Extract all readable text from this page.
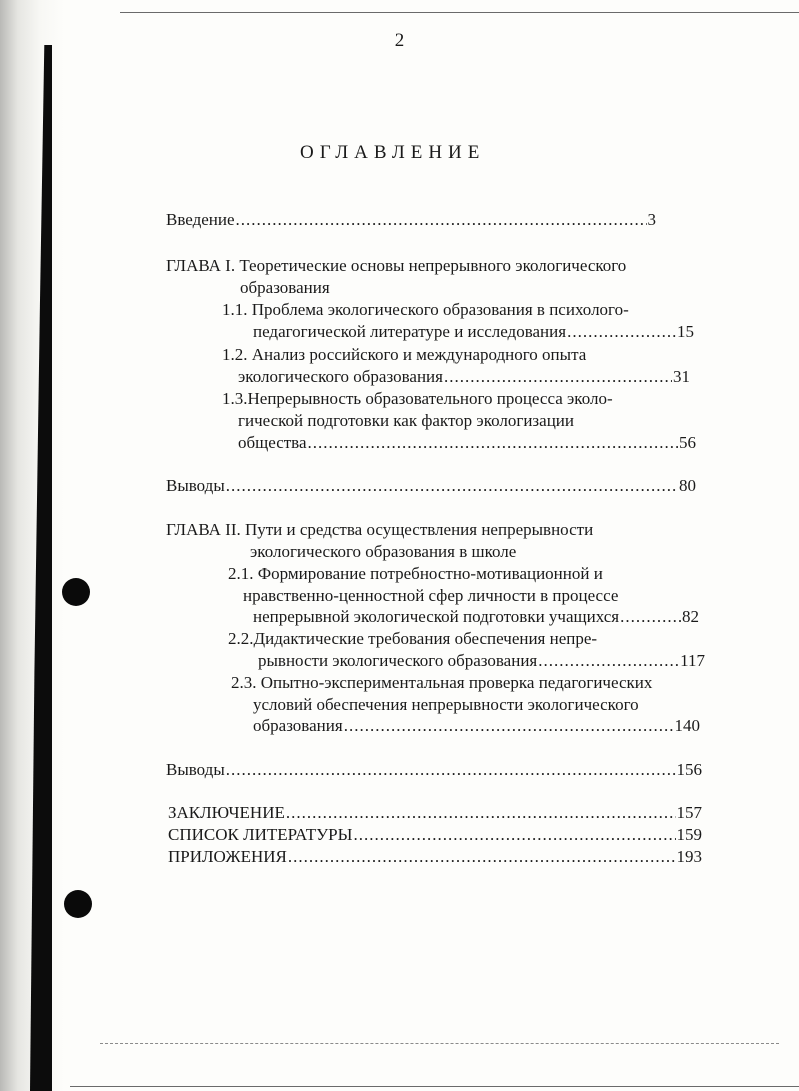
2
ОГЛАВЛЕНИЕ
Введение .....	3
ГЛАВА I. Теоретические основы непрерывного экологического
образования
1.1. Проблема экологического образования в психолого-
педагогической литературе и исследования .....	15
1.2. Анализ российского и международного опыта
экологического образования .....	31
1.3.Непрерывность образовательного процесса эколо-
гической подготовки как фактор экологизации
общества .....	56
Выводы .....	80
ГЛАВА II. Пути и средства осуществления непрерывности
экологического образования в школе
2.1. Формирование потребностно-мотивационной и
нравственно-ценностной сфер личности в процессе
непрерывной экологической подготовки учащихся .....	82
2.2.Дидактические требования обеспечения непре-
рывности экологического образования .....	117
2.3. Опытно-экспериментальная проверка педагогических
условий обеспечения непрерывности экологического
образования .....	140
Выводы .....	156
ЗАКЛЮЧЕНИЕ .....	157
СПИСОК ЛИТЕРАТУРЫ .....	159
ПРИЛОЖЕНИЯ .....	193
